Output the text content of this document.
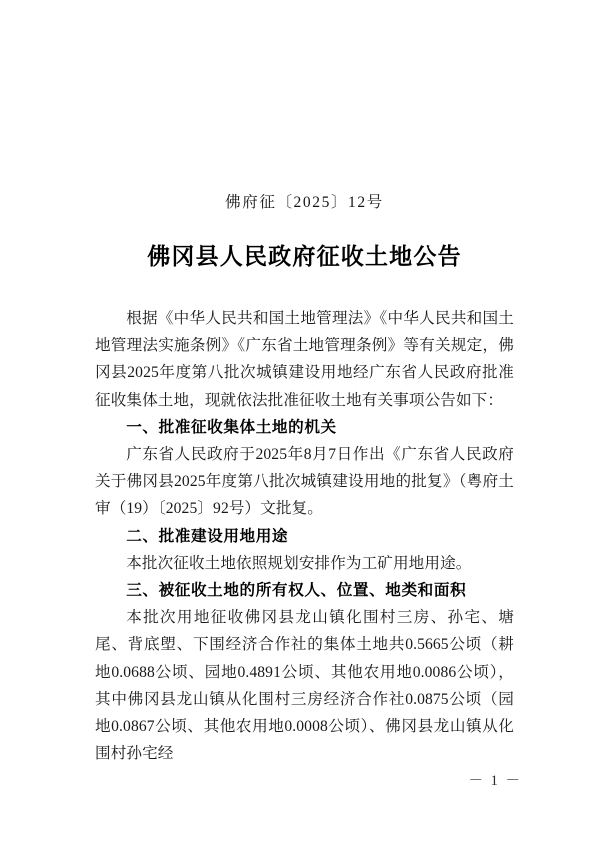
佛府征〔2025〕12号
佛冈县人民政府征收土地公告

根据《中华人民共和国土地管理法》《中华人民共和国土地管理法实施条例》《广东省土地管理条例》等有关规定，佛冈县2025年度第八批次城镇建设用地经广东省人民政府批准征收集体土地，现就依法批准征收土地有关事项公告如下：

一、批准征收集体土地的机关

广东省人民政府于2025年8月7日作出《广东省人民政府关于佛冈县2025年度第八批次城镇建设用地的批复》（粤府土审（19）〔2025〕92号）文批复。

二、批准建设用地用途

本批次征收土地依照规划安排作为工矿用地用途。

三、被征收土地的所有权人、位置、地类和面积

本批次用地征收佛冈县龙山镇化围村三房、孙宅、塘尾、背底塱、下围经济合作社的集体土地共0.5665公顷（耕地0.0688公顷、园地0.4891公顷、其他农用地0.0086公顷），其中佛冈县龙山镇从化围村三房经济合作社0.0875公顷（园地0.0867公顷、其他农用地0.0008公顷）、佛冈县龙山镇从化围村孙宅经

－ 1 －
